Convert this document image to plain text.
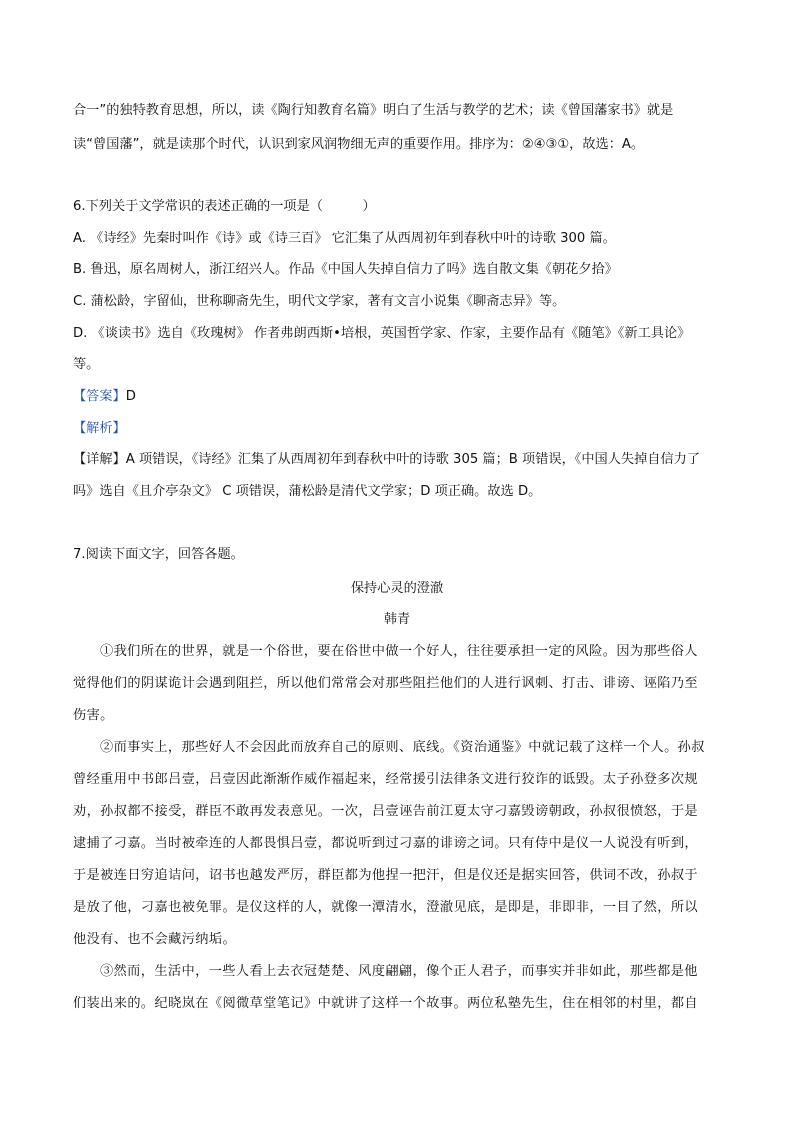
合一”的独特教育思想，所以，读《陶行知教育名篇》明白了生活与教学的艺术；读《曾国藩家书》就是
读“曾国藩”，就是读那个时代，认识到家风润物细无声的重要作用。排序为：②④③①，故选：A。
6.下列关于文学常识的表述正确的一项是（　　　）
A. 《诗经》先秦时叫作《诗》或《诗三百》 它汇集了从西周初年到春秋中叶的诗歌 300 篇。
B. 鲁迅，原名周树人，浙江绍兴人。作品《中国人失掉自信力了吗》选自散文集《朝花夕拾》
C. 蒲松龄，字留仙，世称聊斋先生，明代文学家，著有文言小说集《聊斋志异》等。
D. 《谈读书》选自《玫瑰树》 作者弗朗西斯•培根，英国哲学家、作家，主要作品有《随笔》《新工具论》
等。
【答案】D
【解析】
【详解】A 项错误，《诗经》汇集了从西周初年到春秋中叶的诗歌 305 篇；B 项错误，《中国人失掉自信力了
吗》选自《且介亭杂文》 C 项错误，蒲松龄是清代文学家；D 项正确。故选 D。
7.阅读下面文字，回答各题。
保持心灵的澄澈
韩青
①我们所在的世界，就是一个俗世，要在俗世中做一个好人，往往要承担一定的风险。因为那些俗人
觉得他们的阴谋诡计会遇到阻拦，所以他们常常会对那些阻拦他们的人进行讽刺、打击、诽谤、诬陷乃至
伤害。
②而事实上，那些好人不会因此而放弃自己的原则、底线。《资治通鉴》中就记载了这样一个人。孙叔
曾经重用中书郎吕壹，吕壹因此渐渐作威作福起来，经常援引法律条文进行狡诈的诋毁。太子孙登多次规
劝，孙叔都不接受，群臣不敢再发表意见。一次，吕壹诬告前江夏太守刁嘉毁谤朝政，孙叔很愤怒，于是
逮捕了刁嘉。当时被牵连的人都畏惧吕壹，都说听到过刁嘉的诽谤之词。只有侍中是仪一人说没有听到，
于是被连日穷追诘问，诏书也越发严厉，群臣都为他捏一把汗，但是仪还是据实回答，供词不改，孙叔于
是放了他，刁嘉也被免罪。是仪这样的人，就像一潭清水，澄澈见底，是即是，非即非，一目了然，所以
他没有、也不会藏污纳垢。
③然而，生活中，一些人看上去衣冠楚楚、风度翩翩，像个正人君子，而事实并非如此，那些都是他
们装出来的。纪晓岚在《阅微草堂笔记》中就讲了这样一个故事。两位私塾先生，住在相邻的村里，都自
